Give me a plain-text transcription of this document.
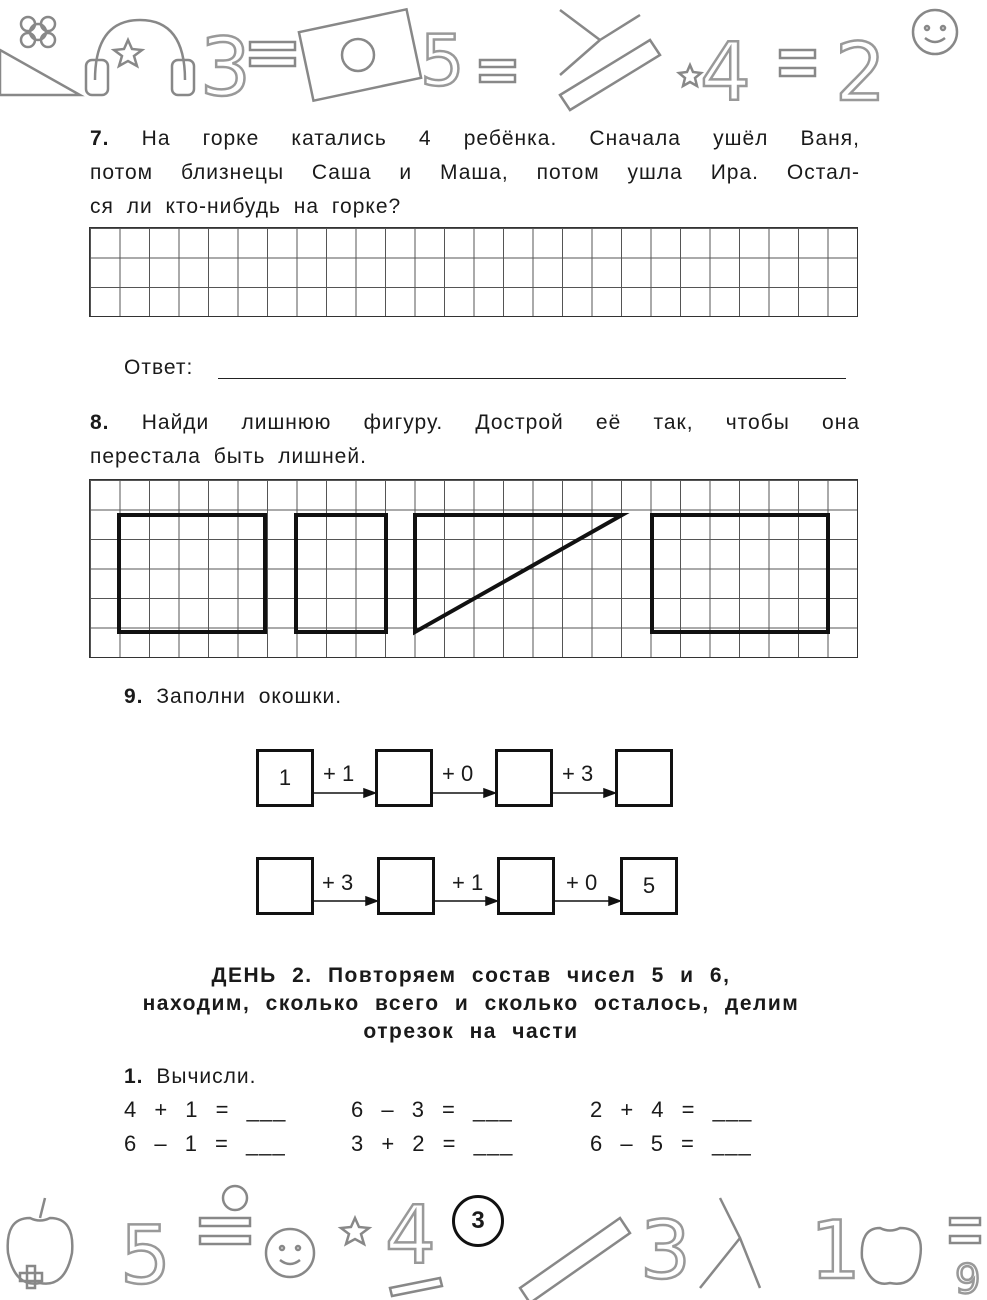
3 5	4 2
7. На горке катались 4 ребёнка. Сначала ушёл Ваня,
потом близнецы Саша и Маша, потом ушла Ира. Остал-
ся ли кто-нибудь на горке?
Ответ:
8. Найди лишнюю фигуру. Дострой её так, чтобы она
перестала быть лишней.
9. Заполни окошки.
1	+ 1	+ 0	+ 3
5
+ 3	+ 1	+ 0
ДЕНЬ 2. Повторяем состав чисел 5 и 6,
находим, сколько всего и сколько осталось, делим
отрезок на части
1. Вычисли.
4 + 1 = ___	6 – 3 = ___	2 + 4 = ___
6 – 1 = ___	3 + 2 = ___	6 – 5 = ___
5	4	3 1 9
3
